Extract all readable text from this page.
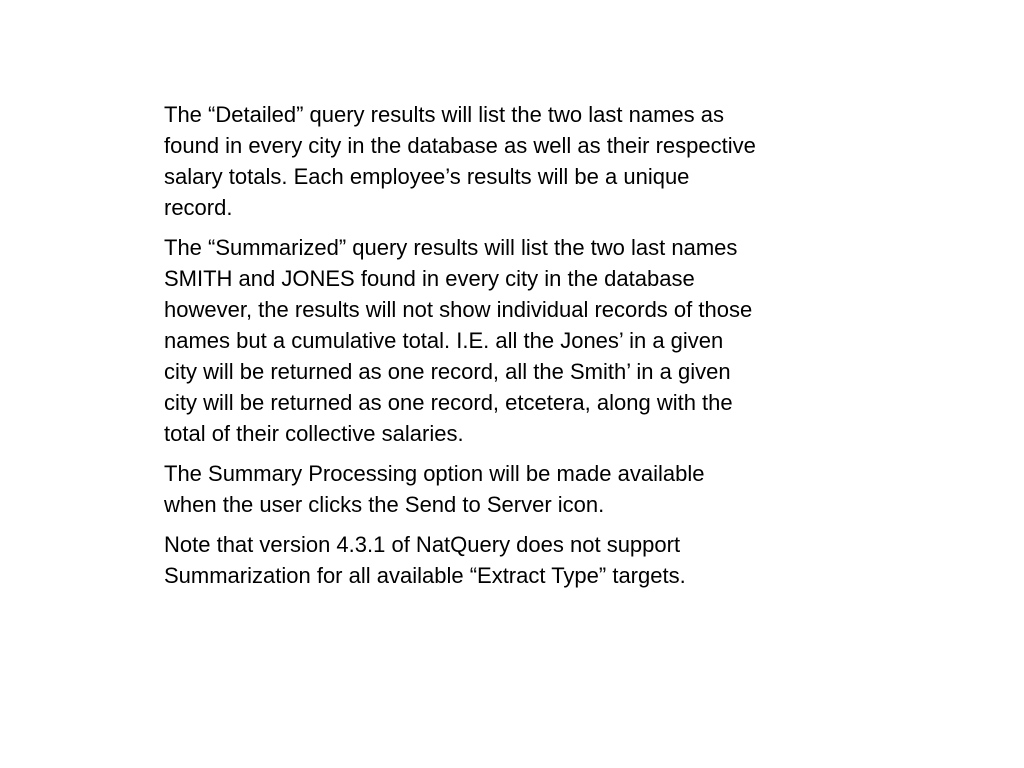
The “Detailed” query results will list the two last names as
found in every city in the database as well as their respective
salary totals. Each employee’s results will be a unique
record.

The “Summarized” query results will list the two last names
SMITH and JONES found in every city in the database
however, the results will not show individual records of those
names but a cumulative total. I.E. all the Jones’ in a given
city will be returned as one record, all the Smith’ in a given
city will be returned as one record, etcetera, along with the
total of their collective salaries.

The Summary Processing option will be made available
when the user clicks the Send to Server icon.

Note that version 4.3.1 of NatQuery does not support
Summarization for all available “Extract Type” targets.
